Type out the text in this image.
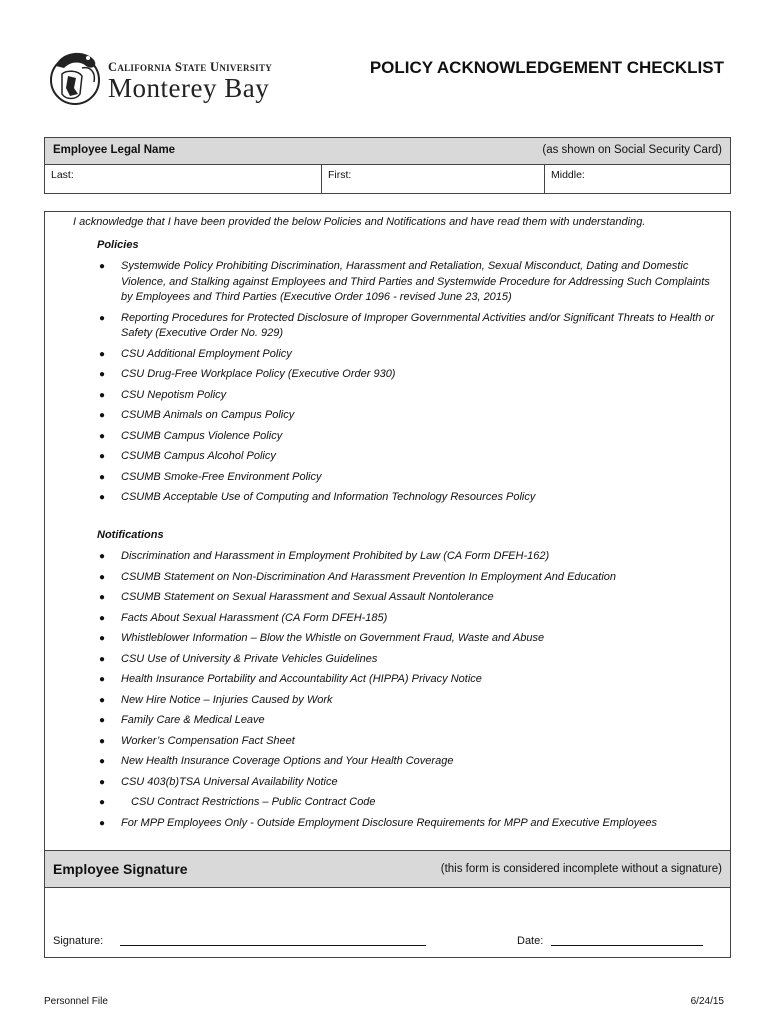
California State University
Monterey Bay
POLICY ACKNOWLEDGEMENT CHECKLIST
Employee Legal Name	(as shown on Social Security Card)
Last:	First:	Middle:
I acknowledge that I have been provided the below Policies and Notifications and have read them with understanding.
Policies
● Systemwide Policy Prohibiting Discrimination, Harassment and Retaliation, Sexual Misconduct, Dating and Domestic Violence, and Stalking against Employees and Third Parties and Systemwide Procedure for Addressing Such Complaints by Employees and Third Parties (Executive Order 1096 - revised June 23, 2015)
● Reporting Procedures for Protected Disclosure of Improper Governmental Activities and/or Significant Threats to Health or Safety (Executive Order No. 929)
● CSU Additional Employment Policy
● CSU Drug-Free Workplace Policy (Executive Order 930)
● CSU Nepotism Policy
● CSUMB Animals on Campus Policy
● CSUMB Campus Violence Policy
● CSUMB Campus Alcohol Policy
● CSUMB Smoke-Free Environment Policy
● CSUMB Acceptable Use of Computing and Information Technology Resources Policy
Notifications
● Discrimination and Harassment in Employment Prohibited by Law (CA Form DFEH-162)
● CSUMB Statement on Non-Discrimination And Harassment Prevention In Employment And Education
● CSUMB Statement on Sexual Harassment and Sexual Assault Nontolerance
● Facts About Sexual Harassment (CA Form DFEH-185)
● Whistleblower Information – Blow the Whistle on Government Fraud, Waste and Abuse
● CSU Use of University & Private Vehicles Guidelines
● Health Insurance Portability and Accountability Act (HIPPA) Privacy Notice
● New Hire Notice – Injuries Caused by Work
● Family Care & Medical Leave
● Worker’s Compensation Fact Sheet
● New Health Insurance Coverage Options and Your Health Coverage
● CSU 403(b)TSA Universal Availability Notice
● CSU Contract Restrictions – Public Contract Code
● For MPP Employees Only - Outside Employment Disclosure Requirements for MPP and Executive Employees
Employee Signature	(this form is considered incomplete without a signature)
Signature:	Date:
Personnel File	6/24/15
